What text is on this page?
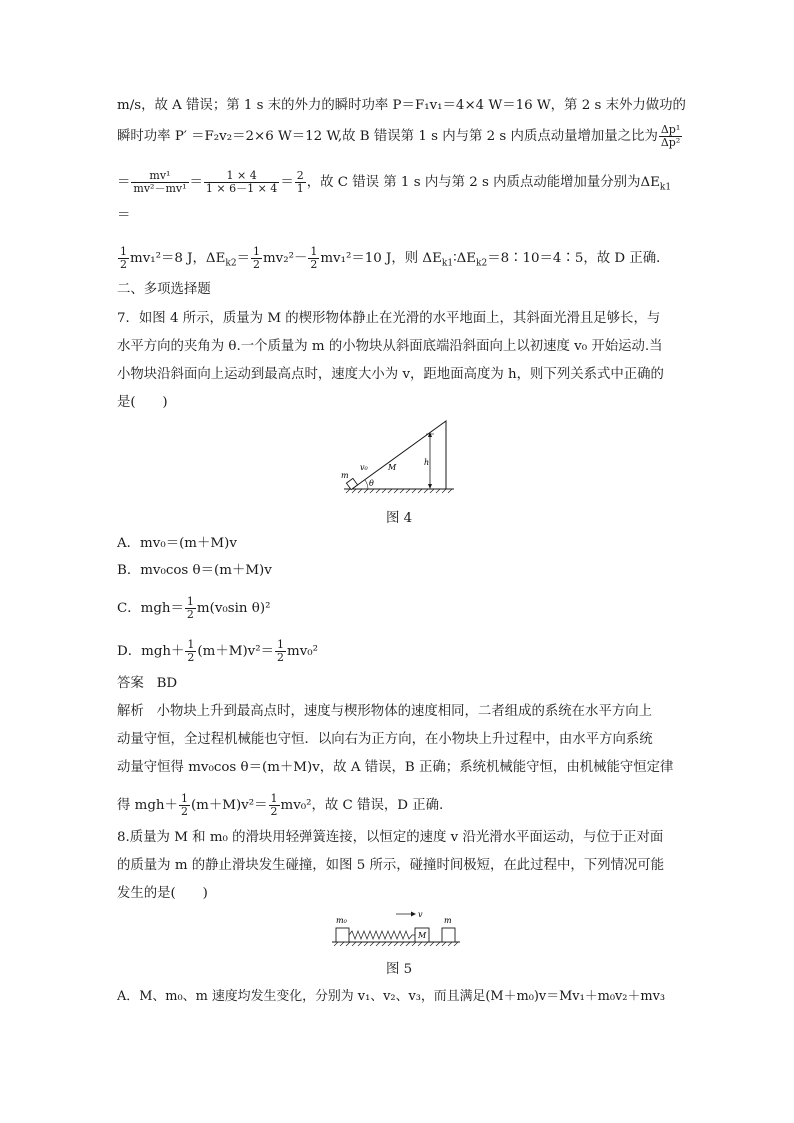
m/s，故 A 错误；第 1 s 末的外力的瞬时功率 P＝F₁v₁＝4×4 W＝16 W，第 2 s 末外力做功的
瞬时功率 P′ ＝F₂v₂＝2×6 W＝12 W,故 B 错误第 1 s 内与第 2 s 内质点动量增加量之比为 $\frac{\text{Δp¹}}{\text{Δp²}}$
＝ $\frac{\text{mv¹}}{\text{mv²－mv¹}} = \frac{1 \times 4}{1 \times 6-1 \times 4} = \frac{2}{1}$ ，故 C 错误 第 1 s 内与第 2 s 内质点动能增加量分别为$\Delta E_{k1}$
＝
$\frac{1}{2} mv_1^2=8$ J，$\Delta E_{k2}= \frac{1}{2} mv_2^2- \frac{1}{2} mv_1^2=10$ J，则 $\Delta E_{k1}∶\Delta E_{k2}=8∶10=4∶5$，故 D 正确．
二、多项选择题
7．如图 4 所示，质量为 M 的楔形物体静止在光滑的水平地面上，其斜面光滑且足够长，与
水平方向的夹角为 θ.一个质量为 m 的小物块从斜面底端沿斜面向上以初速度 v₀ 开始运动.当
小物块沿斜面向上运动到最高点时，速度大小为 v，距地面高度为 h，则下列关系式中正确的
是(　　)
m
v₀	M
h
θ
图 4
A．mv₀＝(m＋M)v
B．mv₀cos θ＝(m＋M)v
C．$mgh= \frac{1}{2} m(v_0\sin$ θ)²
D．$mgh+ \frac{1}{2} (m+M)v^2= \frac{1}{2} mv_0^2$
答案 BD
解析 小物块上升到最高点时，速度与楔形物体的速度相同，二者组成的系统在水平方向上
动量守恒，全过程机械能也守恒．以向右为正方向，在小物块上升过程中，由水平方向系统
动量守恒得 mv₀cos θ＝(m＋M)v，故 A 错误，B 正确；系统机械能守恒，由机械能守恒定律
得 $mgh+ \frac{1}{2} (m+M)v^2= \frac{1}{2} mv_0^2$，故 C 错误，D 正确.
8.质量为 M 和 m₀ 的滑块用轻弹簧连接，以恒定的速度 v 沿光滑水平面运动，与位于正对面
的质量为 m 的静止滑块发生碰撞，如图 5 所示，碰撞时间极短，在此过程中，下列情况可能
发生的是(　　)
m₀
v
M
m
图 5
A．M、m₀、m 速度均发生变化，分别为 v₁、v₂、v₃，而且满足(M＋m₀)v＝Mv₁＋m₀v₂＋mv₃
